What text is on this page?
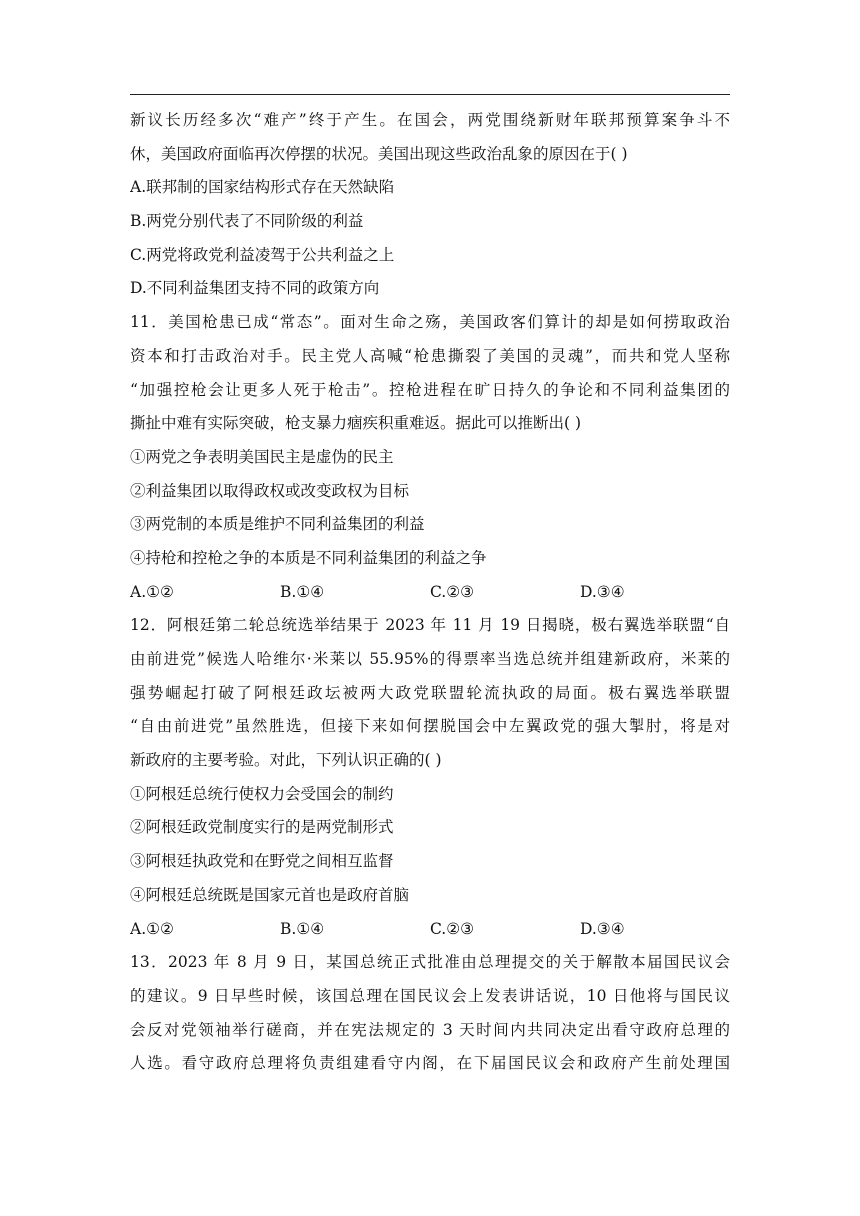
新议长历经多次“难产”终于产生。在国会，两党围绕新财年联邦预算案争斗不
休，美国政府面临再次停摆的状况。美国出现这些政治乱象的原因在于( )
A.联邦制的国家结构形式存在天然缺陷
B.两党分别代表了不同阶级的利益
C.两党将政党利益凌驾于公共利益之上
D.不同利益集团支持不同的政策方向
11．美国枪患已成“常态”。面对生命之殇，美国政客们算计的却是如何捞取政治
资本和打击政治对手。民主党人高喊“枪患撕裂了美国的灵魂”，而共和党人坚称
“加强控枪会让更多人死于枪击”。控枪进程在旷日持久的争论和不同利益集团的
撕扯中难有实际突破，枪支暴力痼疾积重难返。据此可以推断出( )
①两党之争表明美国民主是虚伪的民主
②利益集团以取得政权或改变政权为目标
③两党制的本质是维护不同利益集团的利益
④持枪和控枪之争的本质是不同利益集团的利益之争
A.①②	B.①④	C.②③	D.③④
12．阿根廷第二轮总统选举结果于 2023 年 11 月 19 日揭晓，极右翼选举联盟“自
由前进党”候选人哈维尔·米莱以 55.95%的得票率当选总统并组建新政府，米莱的
强势崛起打破了阿根廷政坛被两大政党联盟轮流执政的局面。极右翼选举联盟
“自由前进党”虽然胜选，但接下来如何摆脱国会中左翼政党的强大掣肘，将是对
新政府的主要考验。对此，下列认识正确的( )
①阿根廷总统行使权力会受国会的制约
②阿根廷政党制度实行的是两党制形式
③阿根廷执政党和在野党之间相互监督
④阿根廷总统既是国家元首也是政府首脑
A.①②	B.①④	C.②③	D.③④
13．2023 年 8 月 9 日，某国总统正式批准由总理提交的关于解散本届国民议会
的建议。9 日早些时候，该国总理在国民议会上发表讲话说，10 日他将与国民议
会反对党领袖举行磋商，并在宪法规定的 3 天时间内共同决定出看守政府总理的
人选。看守政府总理将负责组建看守内阁，在下届国民议会和政府产生前处理国
